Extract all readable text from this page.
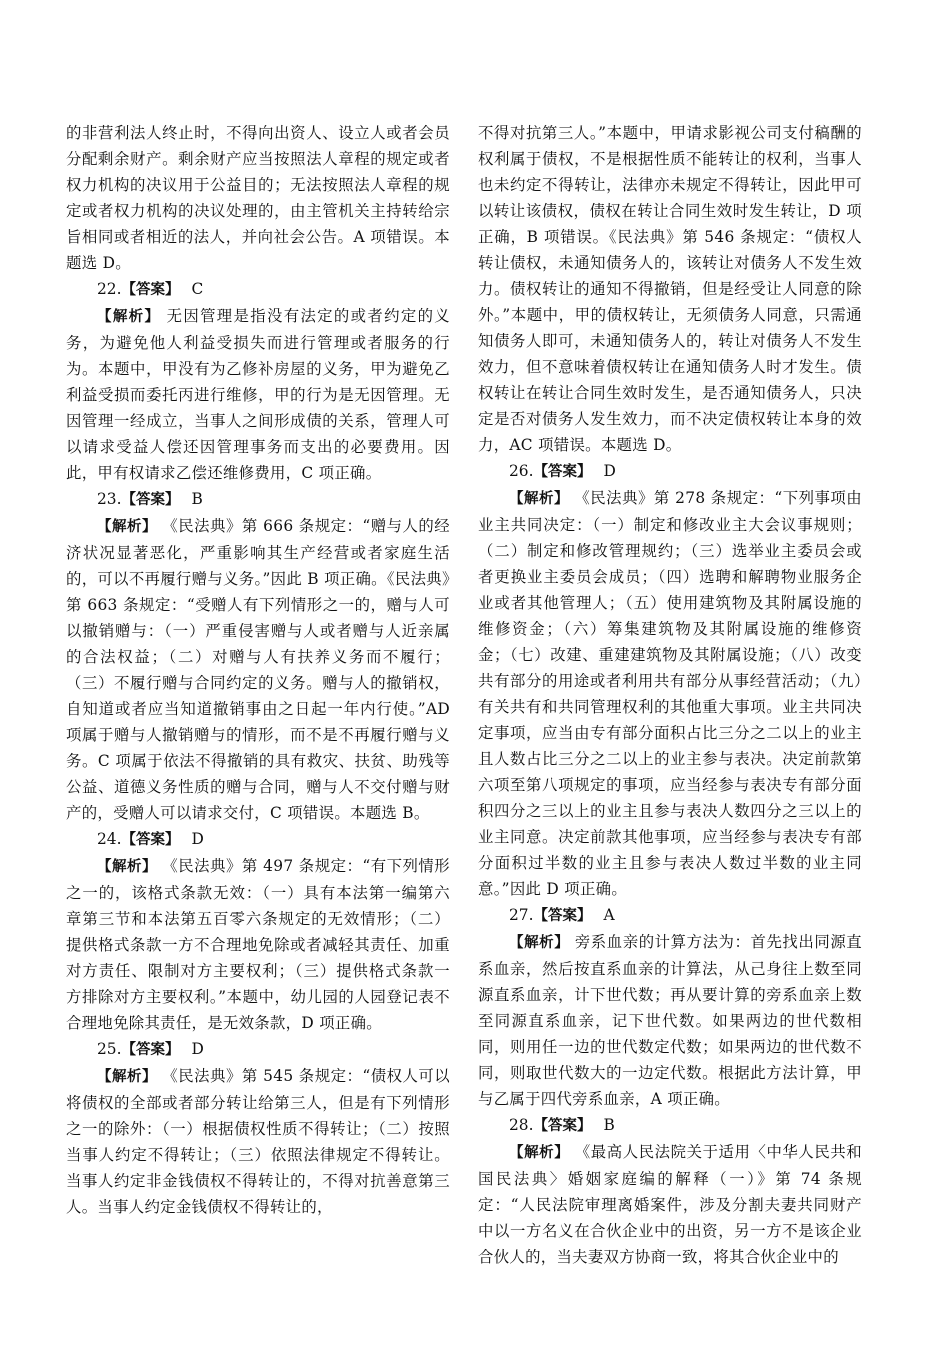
的非营利法人终止时，不得向出资人、设立人或者会员分配剩余财产。剩余财产应当按照法人章程的规定或者权力机构的决议用于公益目的；无法按照法人章程的规定或者权力机构的决议处理的，由主管机关主持转给宗旨相同或者相近的法人，并向社会公告。A 项错误。本题选 D。

22.【答案】 C

【解析】 无因管理是指没有法定的或者约定的义务，为避免他人利益受损失而进行管理或者服务的行为。本题中，甲没有为乙修补房屋的义务，甲为避免乙利益受损而委托丙进行维修，甲的行为是无因管理。无因管理一经成立，当事人之间形成债的关系，管理人可以请求受益人偿还因管理事务而支出的必要费用。因此，甲有权请求乙偿还维修费用，C 项正确。

23.【答案】 B

【解析】 《民法典》第 666 条规定：“赠与人的经济状况显著恶化，严重影响其生产经营或者家庭生活的，可以不再履行赠与义务。”因此 B 项正确。《民法典》第 663 条规定：“受赠人有下列情形之一的，赠与人可以撤销赠与：（一）严重侵害赠与人或者赠与人近亲属的合法权益；（二）对赠与人有扶养义务而不履行；（三）不履行赠与合同约定的义务。赠与人的撤销权，自知道或者应当知道撤销事由之日起一年内行使。”AD 项属于赠与人撤销赠与的情形，而不是不再履行赠与义务。C 项属于依法不得撤销的具有救灾、扶贫、助残等公益、道德义务性质的赠与合同，赠与人不交付赠与财产的，受赠人可以请求交付，C 项错误。本题选 B。

24.【答案】 D

【解析】 《民法典》第 497 条规定：“有下列情形之一的，该格式条款无效：（一）具有本法第一编第六章第三节和本法第五百零六条规定的无效情形；（二）提供格式条款一方不合理地免除或者减轻其责任、加重对方责任、限制对方主要权利；（三）提供格式条款一方排除对方主要权利。”本题中，幼儿园的人园登记表不合理地免除其责任，是无效条款，D 项正确。

25.【答案】 D

【解析】 《民法典》第 545 条规定：“债权人可以将债权的全部或者部分转让给第三人，但是有下列情形之一的除外：（一）根据债权性质不得转让；（二）按照当事人约定不得转让；（三）依照法律规定不得转让。当事人约定非金钱债权不得转让的，不得对抗善意第三人。当事人约定金钱债权不得转让的，

不得对抗第三人。”本题中，甲请求影视公司支付稿酬的权利属于债权，不是根据性质不能转让的权利，当事人也未约定不得转让，法律亦未规定不得转让，因此甲可以转让该债权，债权在转让合同生效时发生转让，D 项正确，B 项错误。《民法典》第 546 条规定：“债权人转让债权，未通知债务人的，该转让对债务人不发生效力。债权转让的通知不得撤销，但是经受让人同意的除外。”本题中，甲的债权转让，无须债务人同意，只需通知债务人即可，未通知债务人的，转让对债务人不发生效力，但不意味着债权转让在通知债务人时才发生。债权转让在转让合同生效时发生，是否通知债务人，只决定是否对债务人发生效力，而不决定债权转让本身的效力，AC 项错误。本题选 D。

26.【答案】 D

【解析】 《民法典》第 278 条规定：“下列事项由业主共同决定：（一）制定和修改业主大会议事规则；（二）制定和修改管理规约；（三）选举业主委员会或者更换业主委员会成员；（四）选聘和解聘物业服务企业或者其他管理人；（五）使用建筑物及其附属设施的维修资金；（六）筹集建筑物及其附属设施的维修资金；（七）改建、重建建筑物及其附属设施；（八）改变共有部分的用途或者利用共有部分从事经营活动；（九）有关共有和共同管理权利的其他重大事项。业主共同决定事项，应当由专有部分面积占比三分之二以上的业主且人数占比三分之二以上的业主参与表决。决定前款第六项至第八项规定的事项，应当经参与表决专有部分面积四分之三以上的业主且参与表决人数四分之三以上的业主同意。决定前款其他事项，应当经参与表决专有部分面积过半数的业主且参与表决人数过半数的业主同意。”因此 D 项正确。

27.【答案】 A

【解析】 旁系血亲的计算方法为：首先找出同源直系血亲，然后按直系血亲的计算法，从己身往上数至同源直系血亲，计下世代数；再从要计算的旁系血亲上数至同源直系血亲，记下世代数。如果两边的世代数相同，则用任一边的世代数定代数；如果两边的世代数不同，则取世代数大的一边定代数。根据此方法计算，甲与乙属于四代旁系血亲，A 项正确。

28.【答案】 B

【解析】 《最高人民法院关于适用〈中华人民共和国民法典〉婚姻家庭编的解释（一）》第 74 条规定：“人民法院审理离婚案件，涉及分割夫妻共同财产中以一方名义在合伙企业中的出资，另一方不是该企业合伙人的，当夫妻双方协商一致，将其合伙企业中的
